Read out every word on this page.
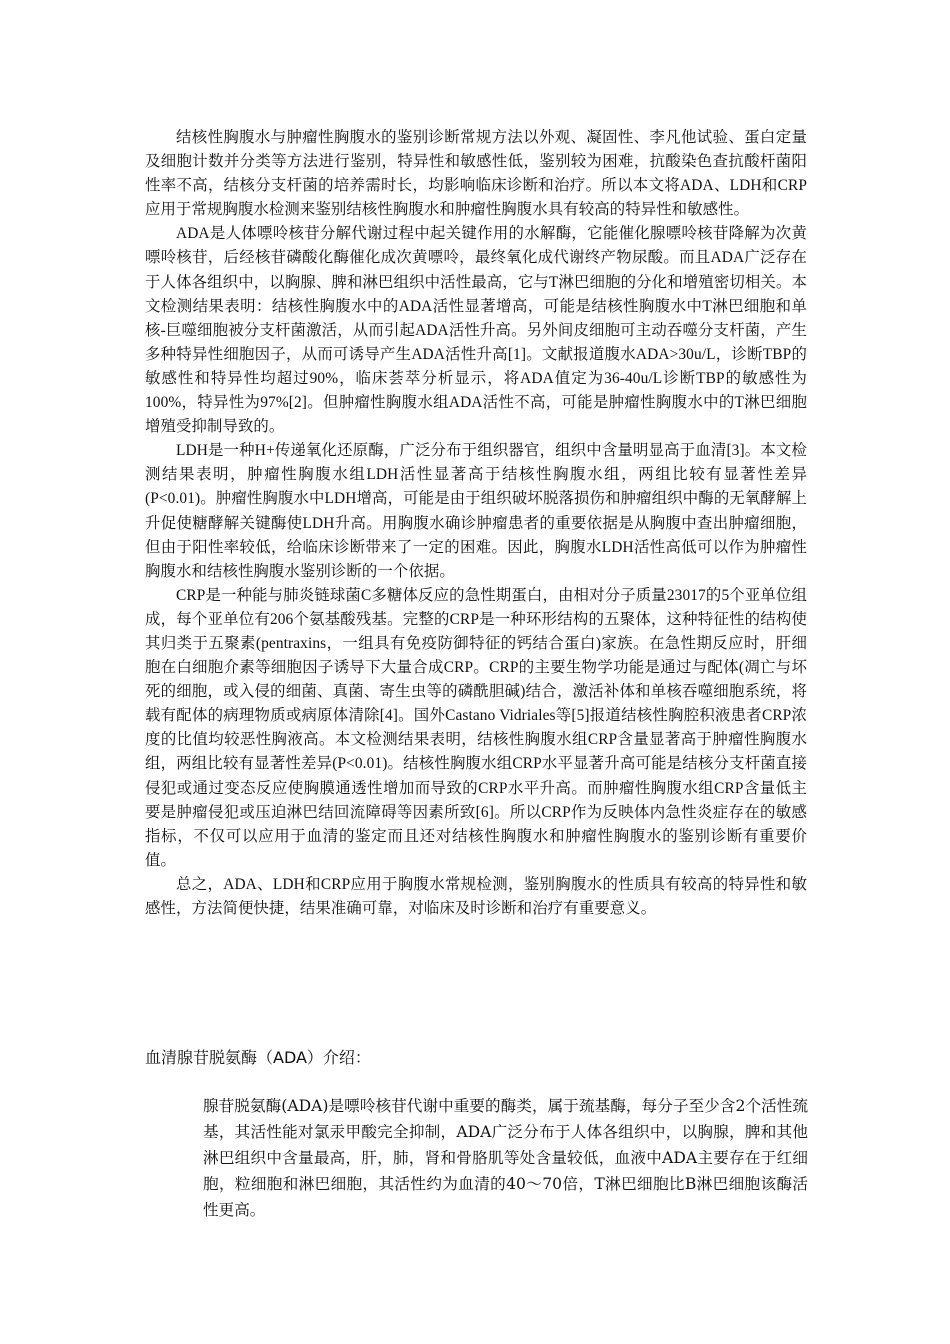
结核性胸腹水与肿瘤性胸腹水的鉴别诊断常规方法以外观、凝固性、李凡他试验、蛋白定量及细胞计数并分类等方法进行鉴别，特异性和敏感性低，鉴别较为困难，抗酸染色查抗酸杆菌阳性率不高，结核分支杆菌的培养需时长，均影响临床诊断和治疗。所以本文将ADA、LDH和CRP应用于常规胸腹水检测来鉴别结核性胸腹水和肿瘤性胸腹水具有较高的特异性和敏感性。

ADA是人体嘌呤核苷分解代谢过程中起关键作用的水解酶，它能催化腺嘌呤核苷降解为次黄嘌呤核苷，后经核苷磷酸化酶催化成次黄嘌呤，最终氧化成代谢终产物尿酸。而且ADA广泛存在于人体各组织中，以胸腺、脾和淋巴组织中活性最高，它与T淋巴细胞的分化和增殖密切相关。本文检测结果表明：结核性胸腹水中的ADA活性显著增高，可能是结核性胸腹水中T淋巴细胞和单核-巨噬细胞被分支杆菌激活，从而引起ADA活性升高。另外间皮细胞可主动吞噬分支杆菌，产生多种特异性细胞因子，从而可诱导产生ADA活性升高[1]。文献报道腹水ADA>30u/L，诊断TBP的敏感性和特异性均超过90%，临床荟萃分析显示，将ADA值定为36-40u/L诊断TBP的敏感性为100%，特异性为97%[2]。但肿瘤性胸腹水组ADA活性不高，可能是肿瘤性胸腹水中的T淋巴细胞增殖受抑制导致的。

LDH是一种H+传递氧化还原酶，广泛分布于组织器官，组织中含量明显高于血清[3]。本文检测结果表明，肿瘤性胸腹水组LDH活性显著高于结核性胸腹水组，两组比较有显著性差异(P<0.01)。肿瘤性胸腹水中LDH增高，可能是由于组织破坏脱落损伤和肿瘤组织中酶的无氧酵解上升促使糖酵解关键酶使LDH升高。用胸腹水确诊肿瘤患者的重要依据是从胸腹中查出肿瘤细胞，但由于阳性率较低，给临床诊断带来了一定的困难。因此，胸腹水LDH活性高低可以作为肿瘤性胸腹水和结核性胸腹水鉴别诊断的一个依据。

CRP是一种能与肺炎链球菌C多糖体反应的急性期蛋白，由相对分子质量23017的5个亚单位组成，每个亚单位有206个氨基酸残基。完整的CRP是一种环形结构的五聚体，这种特征性的结构使其归类于五聚素(pentraxins，一组具有免疫防御特征的钙结合蛋白)家族。在急性期反应时，肝细胞在白细胞介素等细胞因子诱导下大量合成CRP。CRP的主要生物学功能是通过与配体(凋亡与坏死的细胞，或入侵的细菌、真菌、寄生虫等的磷酰胆碱)结合，激活补体和单核吞噬细胞系统，将载有配体的病理物质或病原体清除[4]。国外Castano Vidriales等[5]报道结核性胸腔积液患者CRP浓度的比值均较恶性胸液高。本文检测结果表明，结核性胸腹水组CRP含量显著高于肿瘤性胸腹水组，两组比较有显著性差异(P<0.01)。结核性胸腹水组CRP水平显著升高可能是结核分支杆菌直接侵犯或通过变态反应使胸膜通透性增加而导致的CRP水平升高。而肿瘤性胸腹水组CRP含量低主要是肿瘤侵犯或压迫淋巴结回流障碍等因素所致[6]。所以CRP作为反映体内急性炎症存在的敏感指标，不仅可以应用于血清的鉴定而且还对结核性胸腹水和肿瘤性胸腹水的鉴别诊断有重要价值。

总之，ADA、LDH和CRP应用于胸腹水常规检测，鉴别胸腹水的性质具有较高的特异性和敏感性，方法简便快捷，结果准确可靠，对临床及时诊断和治疗有重要意义。

血清腺苷脱氨酶（ADA）介绍：

腺苷脱氨酶(ADA)是嘌呤核苷代谢中重要的酶类，属于巯基酶，每分子至少含2个活性巯基，其活性能对氯汞甲酸完全抑制，ADA广泛分布于人体各组织中，以胸腺，脾和其他淋巴组织中含量最高，肝，肺，肾和骨胳肌等处含量较低，血液中ADA主要存在于红细胞，粒细胞和淋巴细胞，其活性约为血清的40～70倍，T淋巴细胞比B淋巴细胞该酶活性更高。
